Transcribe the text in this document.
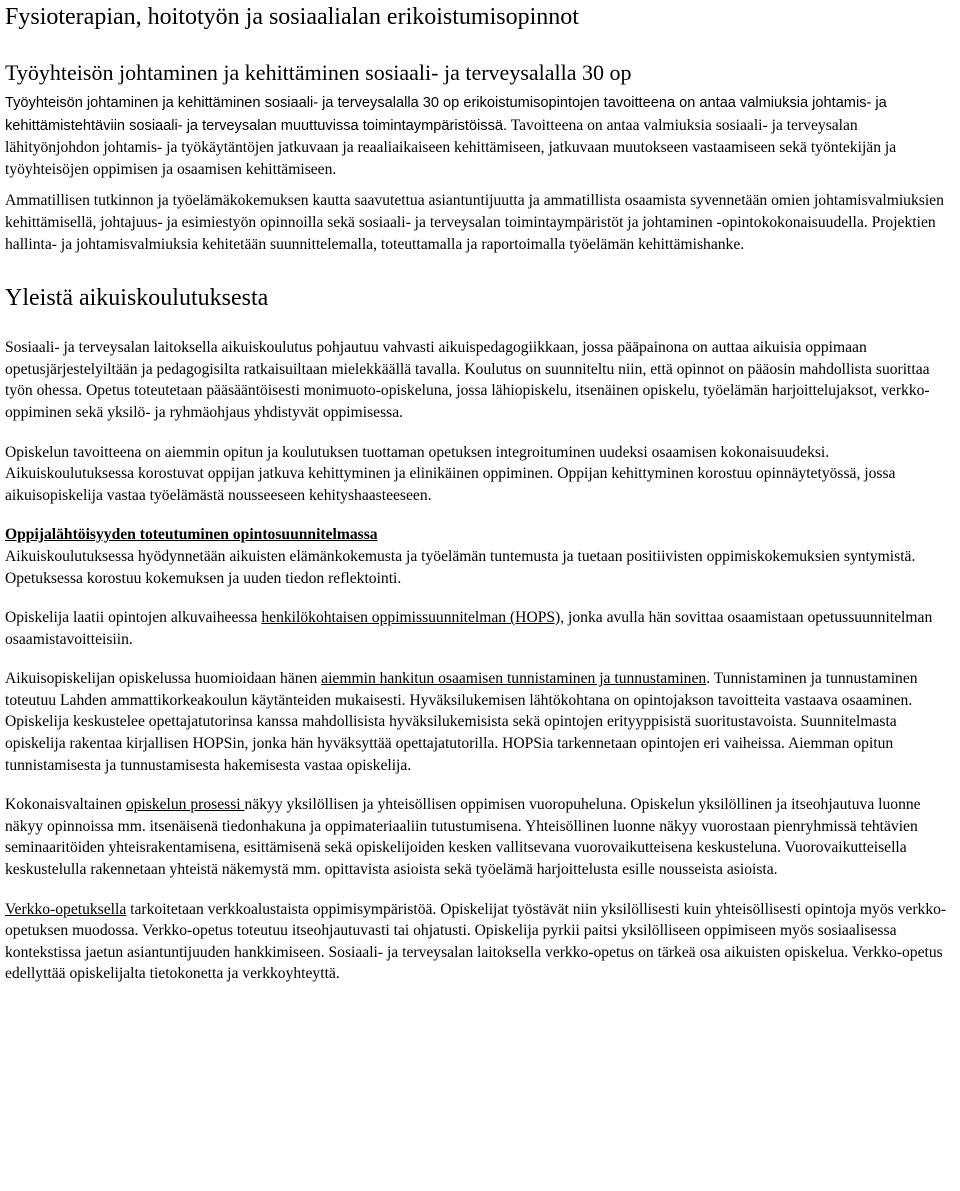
Fysioterapian, hoitotyön ja sosiaalialan erikoistumisopinnot
Työyhteisön johtaminen ja kehittäminen sosiaali- ja terveysalalla 30 op

Työyhteisön johtaminen ja kehittäminen sosiaali- ja terveysalalla 30 op erikoistumisopintojen tavoitteena on antaa valmiuksia johtamis- ja kehittämistehtäviin sosiaali- ja terveysalan muuttuvissa toimintaympäristöissä. Tavoitteena on antaa valmiuksia sosiaali- ja terveysalan lähityönjohdon johtamis- ja työkäytäntöjen jatkuvaan ja reaaliaikaiseen kehittämiseen, jatkuvaan muutokseen vastaamiseen sekä työntekijän ja työyhteisöjen oppimisen ja osaamisen kehittämiseen.

Ammatillisen tutkinnon ja työelämäkokemuksen kautta saavutettua asiantuntijuutta ja ammatillista osaamista syvennetään omien johtamisvalmiuksien kehittämisellä, johtajuus- ja esimiestyön opinnoilla sekä sosiaali- ja terveysalan toimintaympäristöt ja johtaminen -opintokokonaisuudella. Projektien hallinta- ja johtamisvalmiuksia kehitetään suunnittelemalla, toteuttamalla ja raportoimalla työelämän kehittämishanke.

Yleistä aikuiskoulutuksesta

Sosiaali- ja terveysalan laitoksella aikuiskoulutus pohjautuu vahvasti aikuispedagogiikkaan, jossa pääpainona on auttaa aikuisia oppimaan opetusjärjestelyiltään ja pedagogisilta ratkaisuiltaan mielekkäällä tavalla. Koulutus on suunniteltu niin, että opinnot on pääosin mahdollista suorittaa työn ohessa. Opetus toteutetaan pääsääntöisesti monimuoto-opiskeluna, jossa lähiopiskelu, itsenäinen opiskelu, työelämän harjoittelujaksot, verkko-oppiminen sekä yksilö- ja ryhmäohjaus yhdistyvät oppimisessa.

Opiskelun tavoitteena on aiemmin opitun ja koulutuksen tuottaman opetuksen integroituminen uudeksi osaamisen kokonaisuudeksi. Aikuiskoulutuksessa korostuvat oppijan jatkuva kehittyminen ja elinikäinen oppiminen. Oppijan kehittyminen korostuu opinnäytetyössä, jossa aikuisopiskelija vastaa työelämästä nousseeseen kehityshaasteeseen.

Oppijalähtöisyyden toteutuminen opintosuunnitelmassa
Aikuiskoulutuksessa hyödynnetään aikuisten elämänkokemusta ja työelämän tuntemusta ja tuetaan positiivisten oppimiskokemuksien syntymistä. Opetuksessa korostuu kokemuksen ja uuden tiedon reflektointi.

Opiskelija laatii opintojen alkuvaiheessa henkilökohtaisen oppimissuunnitelman (HOPS), jonka avulla hän sovittaa osaamistaan opetussuunnitelman osaamistavoitteisiin.

Aikuisopiskelijan opiskelussa huomioidaan hänen aiemmin hankitun osaamisen tunnistaminen ja tunnustaminen. Tunnistaminen ja tunnustaminen toteutuu Lahden ammattikorkeakoulun käytänteiden mukaisesti. Hyväksilukemisen lähtökohtana on opintojakson tavoitteita vastaava osaaminen. Opiskelija keskustelee opettajatutorinsa kanssa mahdollisista hyväksilukemisista sekä opintojen erityyppisistä suoritustavoista. Suunnitelmasta opiskelija rakentaa kirjallisen HOPSin, jonka hän hyväksyttää opettajatutorilla. HOPSia tarkennetaan opintojen eri vaiheissa. Aiemman opitun tunnistamisesta ja tunnustamisesta hakemisesta vastaa opiskelija.

Kokonaisvaltainen opiskelun prosessi näkyy yksilöllisen ja yhteisöllisen oppimisen vuoropuheluna. Opiskelun yksilöllinen ja itseohjautuva luonne näkyy opinnoissa mm. itsenäisenä tiedonhakuna ja oppimateriaaliin tutustumisena. Yhteisöllinen luonne näkyy vuorostaan pienryhmissä tehtävien seminaaritöiden yhteisrakentamisena, esittämisenä sekä opiskelijoiden kesken vallitsevana vuorovaikutteisena keskusteluna. Vuorovaikutteisella keskustelulla rakennetaan yhteistä näkemystä mm. opittavista asioista sekä työelämä harjoittelusta esille nousseista asioista.

Verkko-opetuksella tarkoitetaan verkkoalustaista oppimisympäristöä. Opiskelijat työstävät niin yksilöllisesti kuin yhteisöllisesti opintoja myös verkko-opetuksen muodossa. Verkko-opetus toteutuu itseohjautuvasti tai ohjatusti. Opiskelija pyrkii paitsi yksilölliseen oppimiseen myös sosiaalisessa kontekstissa jaetun asiantuntijuuden hankkimiseen. Sosiaali- ja terveysalan laitoksella verkko-opetus on tärkeä osa aikuisten opiskelua. Verkko-opetus edellyttää opiskelijalta tietokonetta ja verkkoyhteyttä.
